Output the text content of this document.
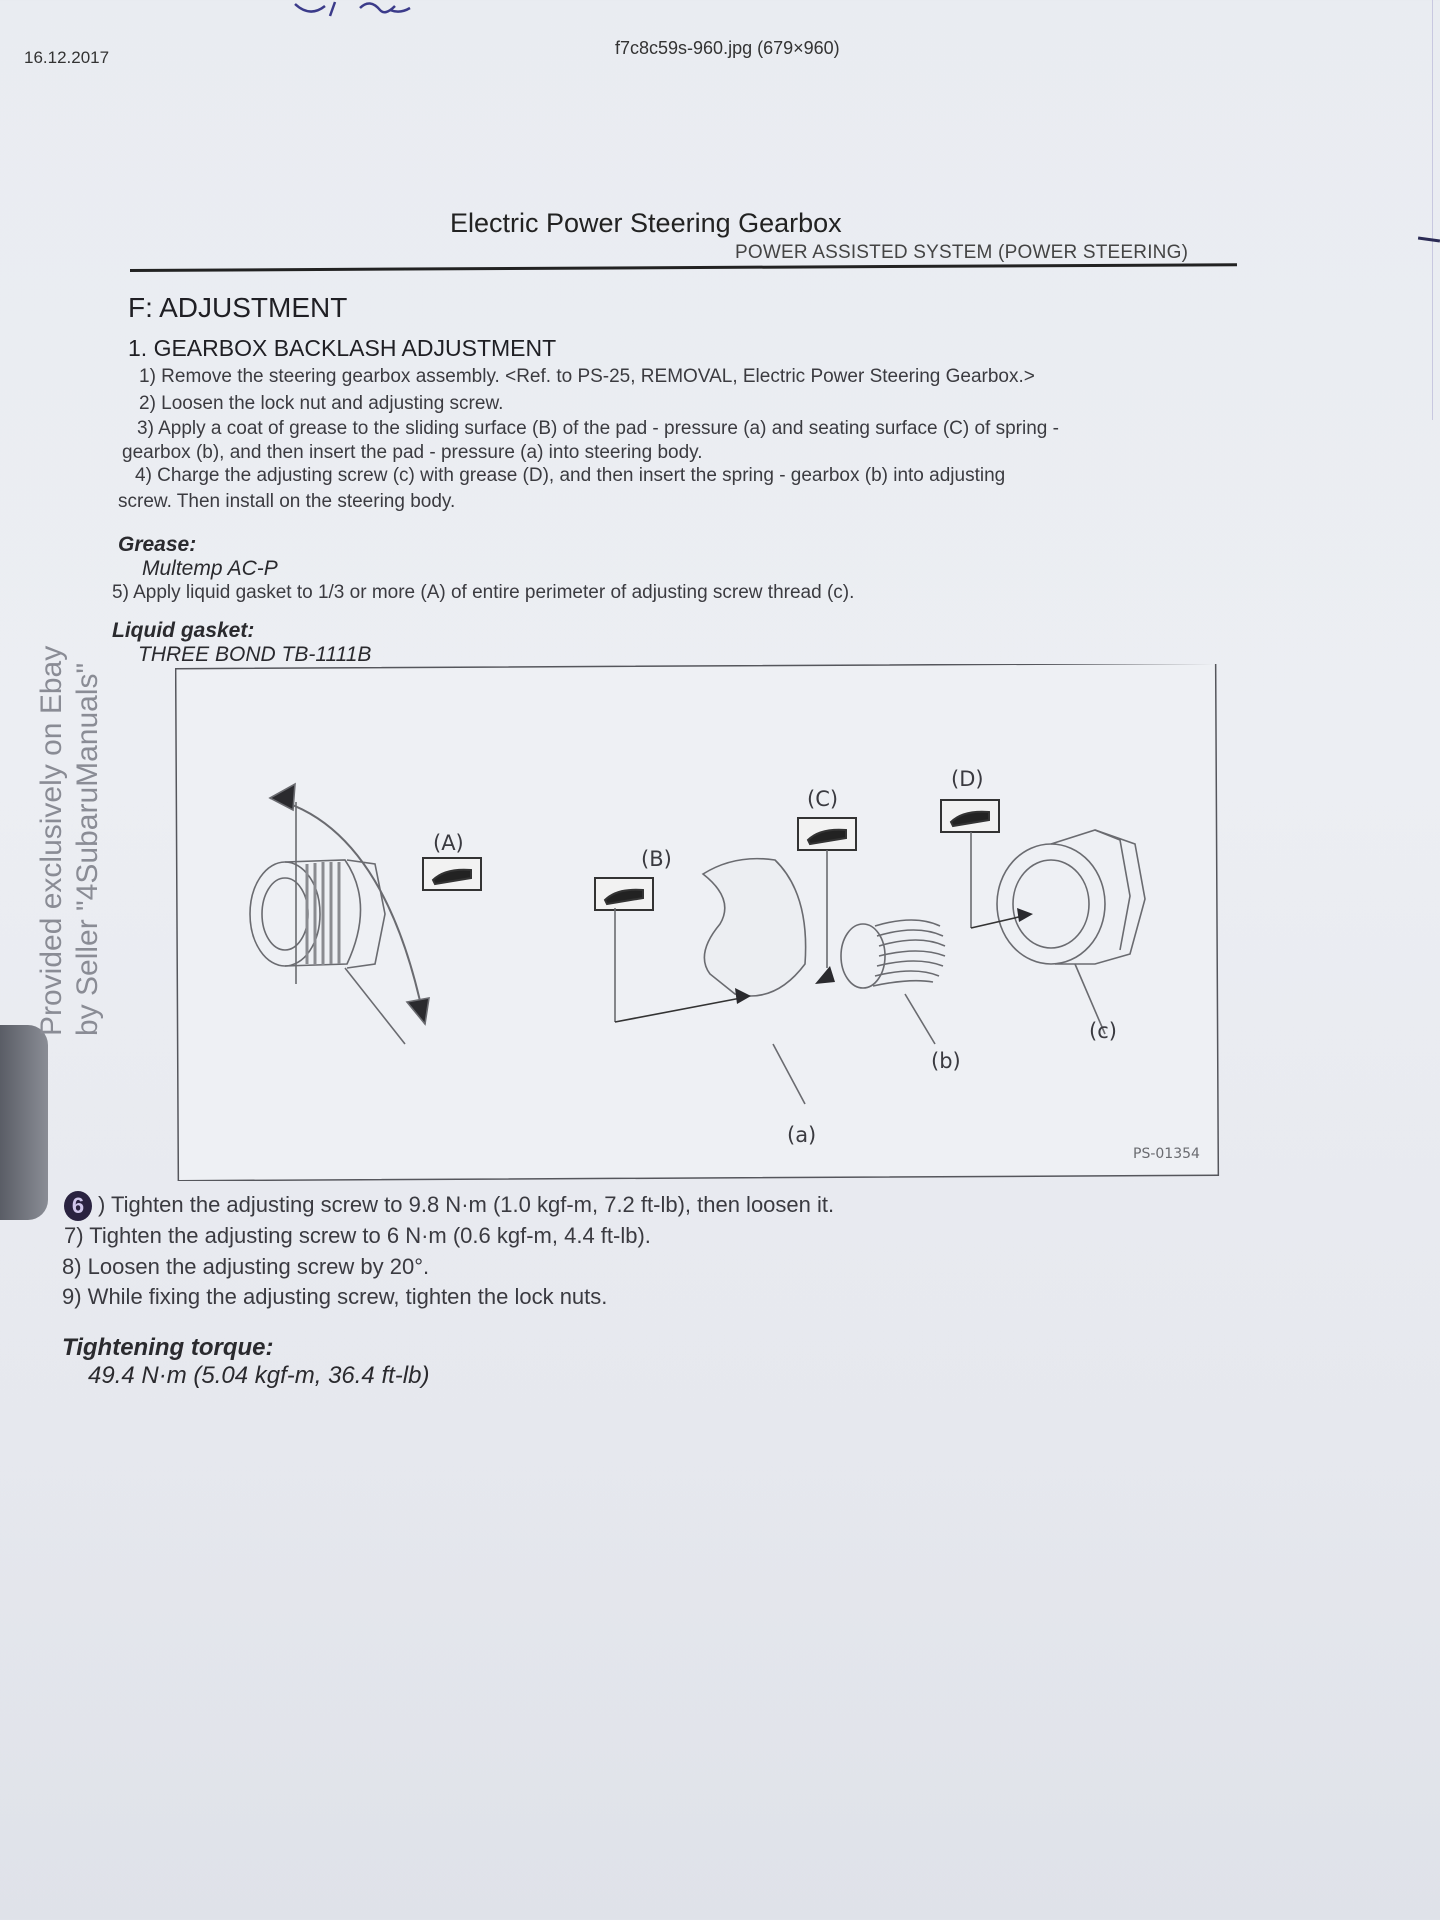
16.12.2017	f7c8c59s-960.jpg (679×960)
Electric Power Steering Gearbox
POWER ASSISTED SYSTEM (POWER STEERING)
F: ADJUSTMENT
1. GEARBOX BACKLASH ADJUSTMENT
1) Remove the steering gearbox assembly. <Ref. to PS-25, REMOVAL, Electric Power Steering Gearbox.>
2) Loosen the lock nut and adjusting screw.
3) Apply a coat of grease to the sliding surface (B) of the pad - pressure (a) and seating surface (C) of spring -
gearbox (b), and then insert the pad - pressure (a) into steering body.
4) Charge the adjusting screw (c) with grease (D), and then insert the spring - gearbox (b) into adjusting
screw. Then install on the steering body.
Grease:
Multemp AC-P
5) Apply liquid gasket to 1/3 or more (A) of entire perimeter of adjusting screw thread (c).
Liquid gasket:
THREE BOND TB-1111B
(A)
(B)
(C)
(D)
(a)
(b)
(c)
PS-01354
6 ) Tighten the adjusting screw to 9.8 N·m (1.0 kgf-m, 7.2 ft-lb), then loosen it.
7) Tighten the adjusting screw to 6 N·m (0.6 kgf-m, 4.4 ft-lb).
8) Loosen the adjusting screw by 20°.
9) While fixing the adjusting screw, tighten the lock nuts.
Tightening torque:
49.4 N·m (5.04 kgf-m, 36.4 ft-lb)
Provided exclusively on Ebay by Seller "4SubaruManuals"
